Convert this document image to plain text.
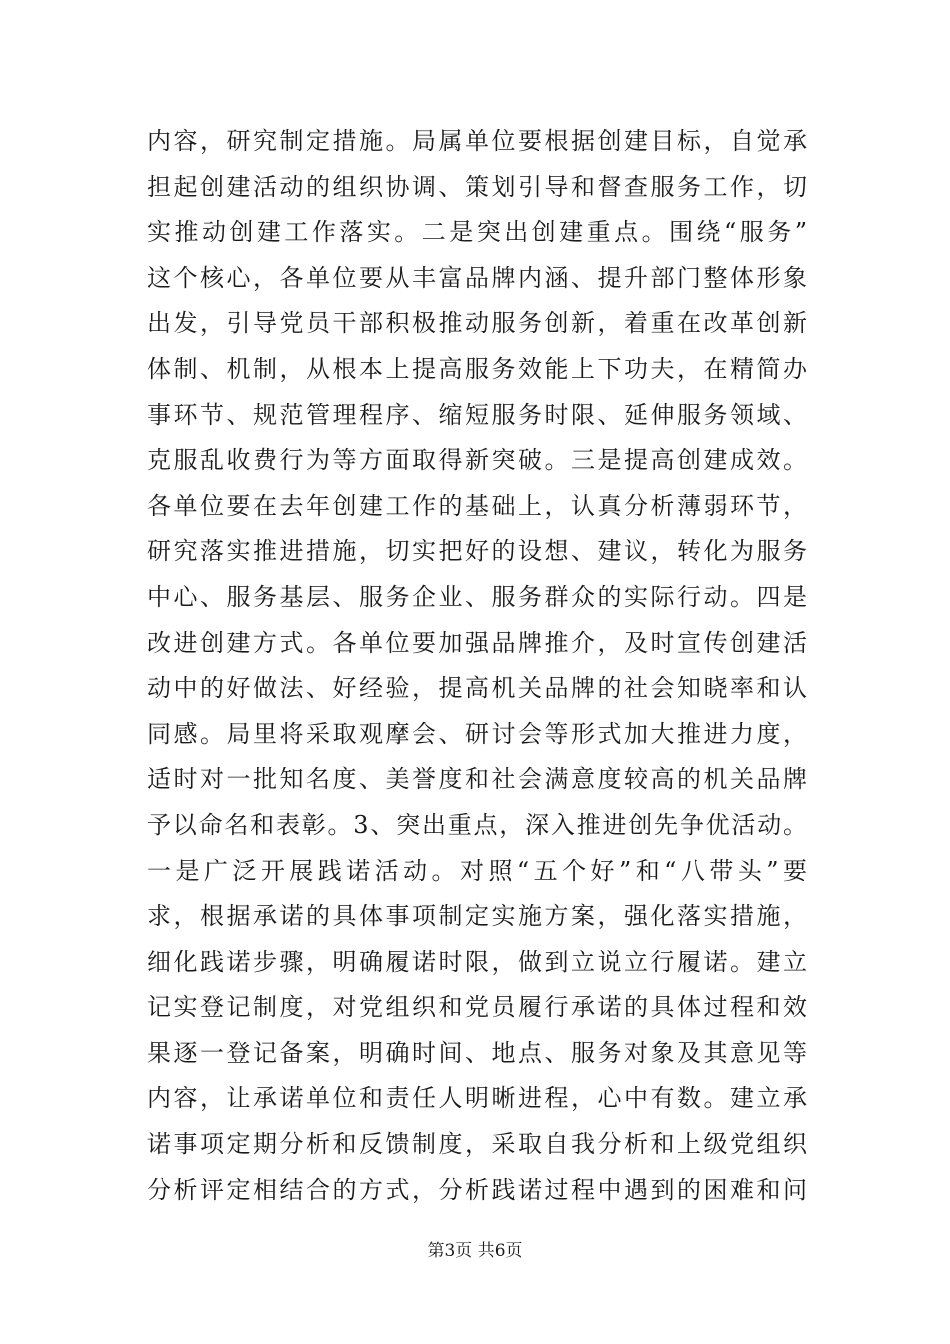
内容，研究制定措施。局属单位要根据创建目标，自觉承
担起创建活动的组织协调、策划引导和督查服务工作，切
实推动创建工作落实。二是突出创建重点。围绕“服务”
这个核心，各单位要从丰富品牌内涵、提升部门整体形象
出发，引导党员干部积极推动服务创新，着重在改革创新
体制、机制，从根本上提高服务效能上下功夫，在精简办
事环节、规范管理程序、缩短服务时限、延伸服务领域、
克服乱收费行为等方面取得新突破。三是提高创建成效。
各单位要在去年创建工作的基础上，认真分析薄弱环节，
研究落实推进措施，切实把好的设想、建议，转化为服务
中心、服务基层、服务企业、服务群众的实际行动。四是
改进创建方式。各单位要加强品牌推介，及时宣传创建活
动中的好做法、好经验，提高机关品牌的社会知晓率和认
同感。局里将采取观摩会、研讨会等形式加大推进力度，
适时对一批知名度、美誉度和社会满意度较高的机关品牌
予以命名和表彰。3、突出重点，深入推进创先争优活动。
一是广泛开展践诺活动。对照“五个好”和“八带头”要
求，根据承诺的具体事项制定实施方案，强化落实措施，
细化践诺步骤，明确履诺时限，做到立说立行履诺。建立
记实登记制度，对党组织和党员履行承诺的具体过程和效
果逐一登记备案，明确时间、地点、服务对象及其意见等
内容，让承诺单位和责任人明晰进程，心中有数。建立承
诺事项定期分析和反馈制度，采取自我分析和上级党组织
分析评定相结合的方式，分析践诺过程中遇到的困难和问
第3页 共6页
